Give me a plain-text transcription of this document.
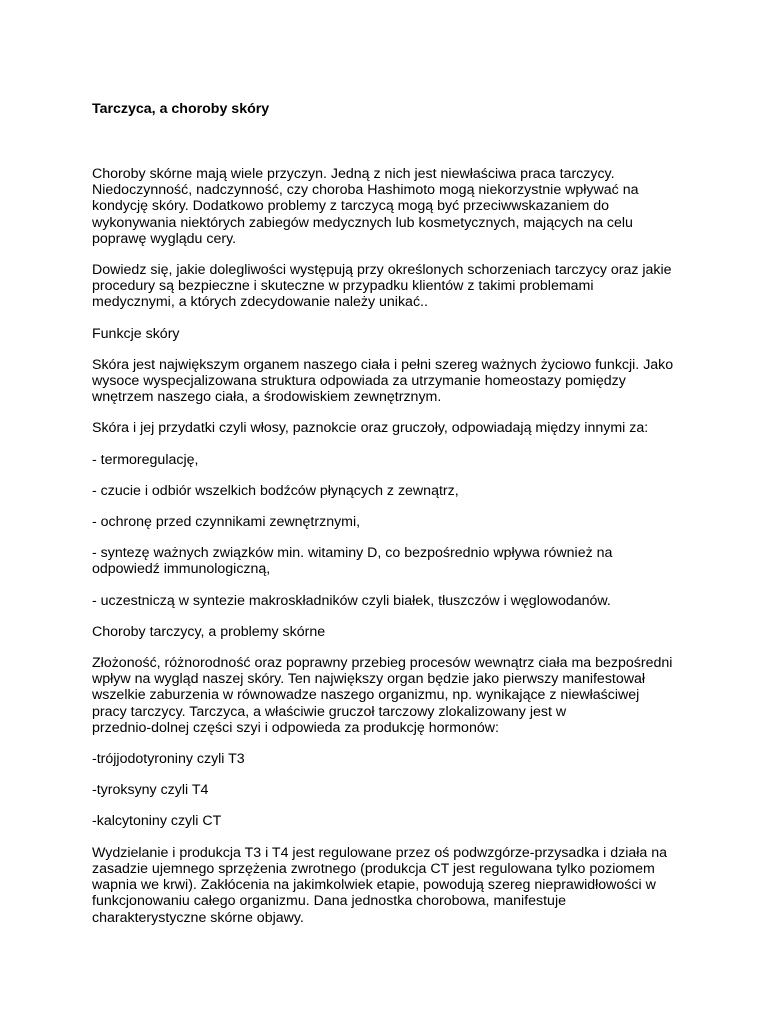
Tarczyca, a choroby skóry
Choroby skórne mają wiele przyczyn. Jedną z nich jest niewłaściwa praca tarczycy.
Niedoczynność, nadczynność, czy choroba Hashimoto mogą niekorzystnie wpływać na
kondycję skóry. Dodatkowo problemy z tarczycą mogą być przeciwwskazaniem do
wykonywania niektórych zabiegów medycznych lub kosmetycznych, mających na celu
poprawę wyglądu cery.
Dowiedz się, jakie dolegliwości występują przy określonych schorzeniach tarczycy oraz jakie
procedury są bezpieczne i skuteczne w przypadku klientów z takimi problemami
medycznymi, a których zdecydowanie należy unikać..
Funkcje skóry
Skóra jest największym organem naszego ciała i pełni szereg ważnych życiowo funkcji. Jako
wysoce wyspecjalizowana struktura odpowiada za utrzymanie homeostazy pomiędzy
wnętrzem naszego ciała, a środowiskiem zewnętrznym.
Skóra i jej przydatki czyli włosy, paznokcie oraz gruczoły, odpowiadają między innymi za:
- termoregulację,
- czucie i odbiór wszelkich bodźców płynących z zewnątrz,
- ochronę przed czynnikami zewnętrznymi,
- syntezę ważnych związków min. witaminy D, co bezpośrednio wpływa również na
odpowiedź immunologiczną,
- uczestniczą w syntezie makroskładników czyli białek, tłuszczów i węglowodanów.
Choroby tarczycy, a problemy skórne
Złożoność, różnorodność oraz poprawny przebieg procesów wewnątrz ciała ma bezpośredni
wpływ na wygląd naszej skóry. Ten największy organ będzie jako pierwszy manifestował
wszelkie zaburzenia w równowadze naszego organizmu, np. wynikające z niewłaściwej
pracy tarczycy. Tarczyca, a właściwie gruczoł tarczowy zlokalizowany jest w
przednio-dolnej części szyi i odpowieda za produkcję hormonów:
-trójjodotyroniny czyli T3
-tyroksyny czyli T4
-kalcytoniny czyli CT
Wydzielanie i produkcja T3 i T4 jest regulowane przez oś podwzgórze-przysadka i działa na
zasadzie ujemnego sprzężenia zwrotnego (produkcja CT jest regulowana tylko poziomem
wapnia we krwi). Zakłócenia na jakimkolwiek etapie, powodują szereg nieprawidłowości w
funkcjonowaniu całego organizmu. Dana jednostka chorobowa, manifestuje
charakterystyczne skórne objawy.
